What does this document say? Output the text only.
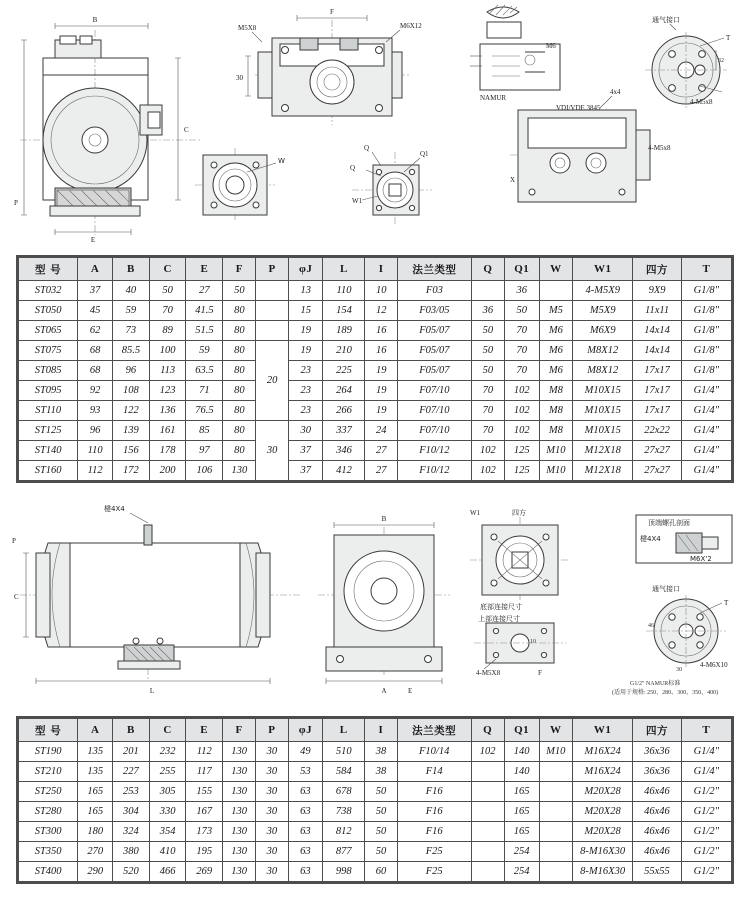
B
C
E
P
F
30
M5X8	M6X12
W
Q
W1
Q1
Q
M6
NAMUR
4x4
VDI/VDE 3845
4-M5x8
X
T
4-M5x8
通气接口
32
型 号	A	B	C	E	F	P	φJ	L	I	法兰类型	Q	Q1	W	W1	四方	T
ST032	37	40	50	27	50		13	110	10	F03		36		4-M5X9	9X9	G1/8"
ST050	45	59	70	41.5	80		15	154	12	F03/05	36	50	M5	M5X9	11x11	G1/8"
ST065	62	73	89	51.5	80		19	189	16	F05/07	50	70	M6	M6X9	14x14	G1/8"
ST075	68	85.5	100	59	80	20	19	210	16	F05/07	50	70	M6	M8X12	14x14	G1/8"
ST085	68	96	113	63.5	80		23	225	19	F05/07	50	70	M6	M8X12	17x17	G1/8"
ST095	92	108	123	71	80		23	264	19	F07/10	70	102	M8	M10X15	17x17	G1/4"
ST110	93	122	136	76.5	80		23	266	19	F07/10	70	102	M8	M10X15	17x17	G1/4"
ST125	96	139	161	85	80	30	30	337	24	F07/10	70	102	M8	M10X15	22x22	G1/4"
ST140	110	156	178	97	80		37	346	27	F10/12	102	125	M10	M12X18	27x27	G1/4"
ST160	112	172	200	106	130		37	412	27	F10/12	102	125	M10	M12X18	27x27	G1/4"
楗4X4
C
P
L
B
A	E
W1	四方
底部连接尺寸
上部连接尺寸
4-M5X8	F
顶端螺孔剖面
楗4X4
M6X'2
通气接口
T
4-M6X10
46
30
10
G1/2" NAMUR标准
(适用于规格: 250、280、300、350、400)
型 号	A	B	C	E	F	P	φJ	L	I	法兰类型	Q	Q1	W	W1	四方	T
ST190	135	201	232	112	130	30	49	510	38	F10/14	102	140	M10	M16X24	36x36	G1/4"
ST210	135	227	255	117	130	30	53	584	38	F14		140		M16X24	36x36	G1/4"
ST250	165	253	305	155	130	30	63	678	50	F16		165		M20X28	46x46	G1/2"
ST280	165	304	330	167	130	30	63	738	50	F16		165		M20X28	46x46	G1/2"
ST300	180	324	354	173	130	30	63	812	50	F16		165		M20X28	46x46	G1/2"
ST350	270	380	410	195	130	30	63	877	50	F25		254		8-M16X30	46x46	G1/2"
ST400	290	520	466	269	130	30	63	998	60	F25		254		8-M16X30	55x55	G1/2"
